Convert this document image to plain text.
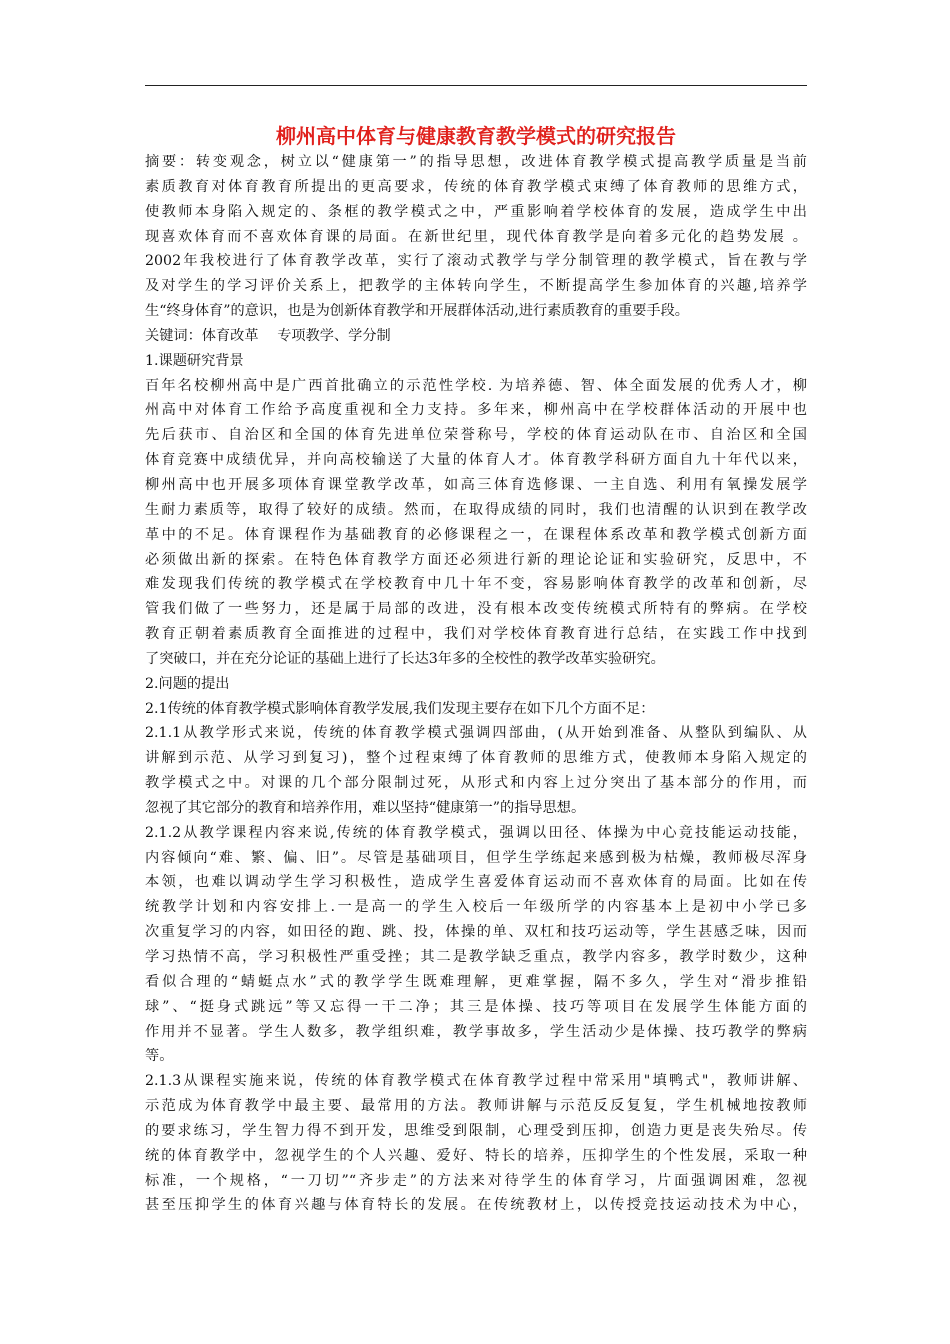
柳州高中体育与健康教育教学模式的研究报告
摘要：转变观念，树立以“健康第一”的指导思想，改进体育教学模式提高教学质量是当前
素质教育对体育教育所提出的更高要求，传统的体育教学模式束缚了体育教师的思维方式，
使教师本身陷入规定的、条框的教学模式之中，严重影响着学校体育的发展，造成学生中出
现喜欢体育而不喜欢体育课的局面。在新世纪里，现代体育教学是向着多元化的趋势发展 。
2002年我校进行了体育教学改革，实行了滚动式教学与学分制管理的教学模式，旨在教与学
及对学生的学习评价关系上，把教学的主体转向学生，不断提高学生参加体育的兴趣,培养学
生“终身体育”的意识，也是为创新体育教学和开展群体活动,进行素质教育的重要手段。
关键词：体育改革　 专项教学、学分制
1.课题研究背景
百年名校柳州高中是广西首批确立的示范性学校. 为培养德、智、体全面发展的优秀人才，柳
州高中对体育工作给予高度重视和全力支持。多年来，柳州高中在学校群体活动的开展中也
先后获市、自治区和全国的体育先进单位荣誉称号，学校的体育运动队在市、自治区和全国
体育竞赛中成绩优异，并向高校输送了大量的体育人才。体育教学科研方面自九十年代以来，
柳州高中也开展多项体育课堂教学改革，如高三体育选修课、一主自选、利用有氧操发展学
生耐力素质等，取得了较好的成绩。然而，在取得成绩的同时，我们也清醒的认识到在教学改
革中的不足。体育课程作为基础教育的必修课程之一，在课程体系改革和教学模式创新方面
必须做出新的探索。在特色体育教学方面还必须进行新的理论论证和实验研究，反思中，不
难发现我们传统的教学模式在学校教育中几十年不变，容易影响体育教学的改革和创新，尽
管我们做了一些努力，还是属于局部的改进，没有根本改变传统模式所特有的弊病。在学校
教育正朝着素质教育全面推进的过程中，我们对学校体育教育进行总结，在实践工作中找到
了突破口，并在充分论证的基础上进行了长达3年多的全校性的教学改革实验研究。
2.问题的提出
2.1传统的体育教学模式影响体育教学发展,我们发现主要存在如下几个方面不足：
2.1.1从教学形式来说，传统的体育教学模式强调四部曲，(从开始到准备、从整队到编队、从
讲解到示范、从学习到复习)，整个过程束缚了体育教师的思维方式，使教师本身陷入规定的
教学模式之中。对课的几个部分限制过死，从形式和内容上过分突出了基本部分的作用，而
忽视了其它部分的教育和培养作用，难以坚持“健康第一”的指导思想。
2.1.2从教学课程内容来说,传统的体育教学模式，强调以田径、体操为中心竞技能运动技能，
内容倾向“难、繁、偏、旧”。尽管是基础项目，但学生学练起来感到极为枯燥，教师极尽浑身
本领，也难以调动学生学习积极性，造成学生喜爱体育运动而不喜欢体育的局面。比如在传
统教学计划和内容安排上.一是高一的学生入校后一年级所学的内容基本上是初中小学已多
次重复学习的内容，如田径的跑、跳、投，体操的单、双杠和技巧运动等，学生甚感乏味，因而
学习热情不高，学习积极性严重受挫；其二是教学缺乏重点，教学内容多，教学时数少，这种
看似合理的“蜻蜓点水”式的教学学生既难理解，更难掌握，隔不多久，学生对“滑步推铅
球”、“挺身式跳远”等又忘得一干二净；其三是体操、技巧等项目在发展学生体能方面的
作用并不显著。学生人数多，教学组织难，教学事故多，学生活动少是体操、技巧教学的弊病
等。
2.1.3从课程实施来说，传统的体育教学模式在体育教学过程中常采用"填鸭式"，教师讲解、
示范成为体育教学中最主要、最常用的方法。教师讲解与示范反反复复，学生机械地按教师
的要求练习，学生智力得不到开发，思维受到限制，心理受到压抑，创造力更是丧失殆尽。传
统的体育教学中，忽视学生的个人兴趣、爱好、特长的培养，压抑学生的个性发展，采取一种
标准，一个规格，“一刀切”“齐步走”的方法来对待学生的体育学习，片面强调困难，忽视
甚至压抑学生的体育兴趣与体育特长的发展。在传统教材上，以传授竞技运动技术为中心，
